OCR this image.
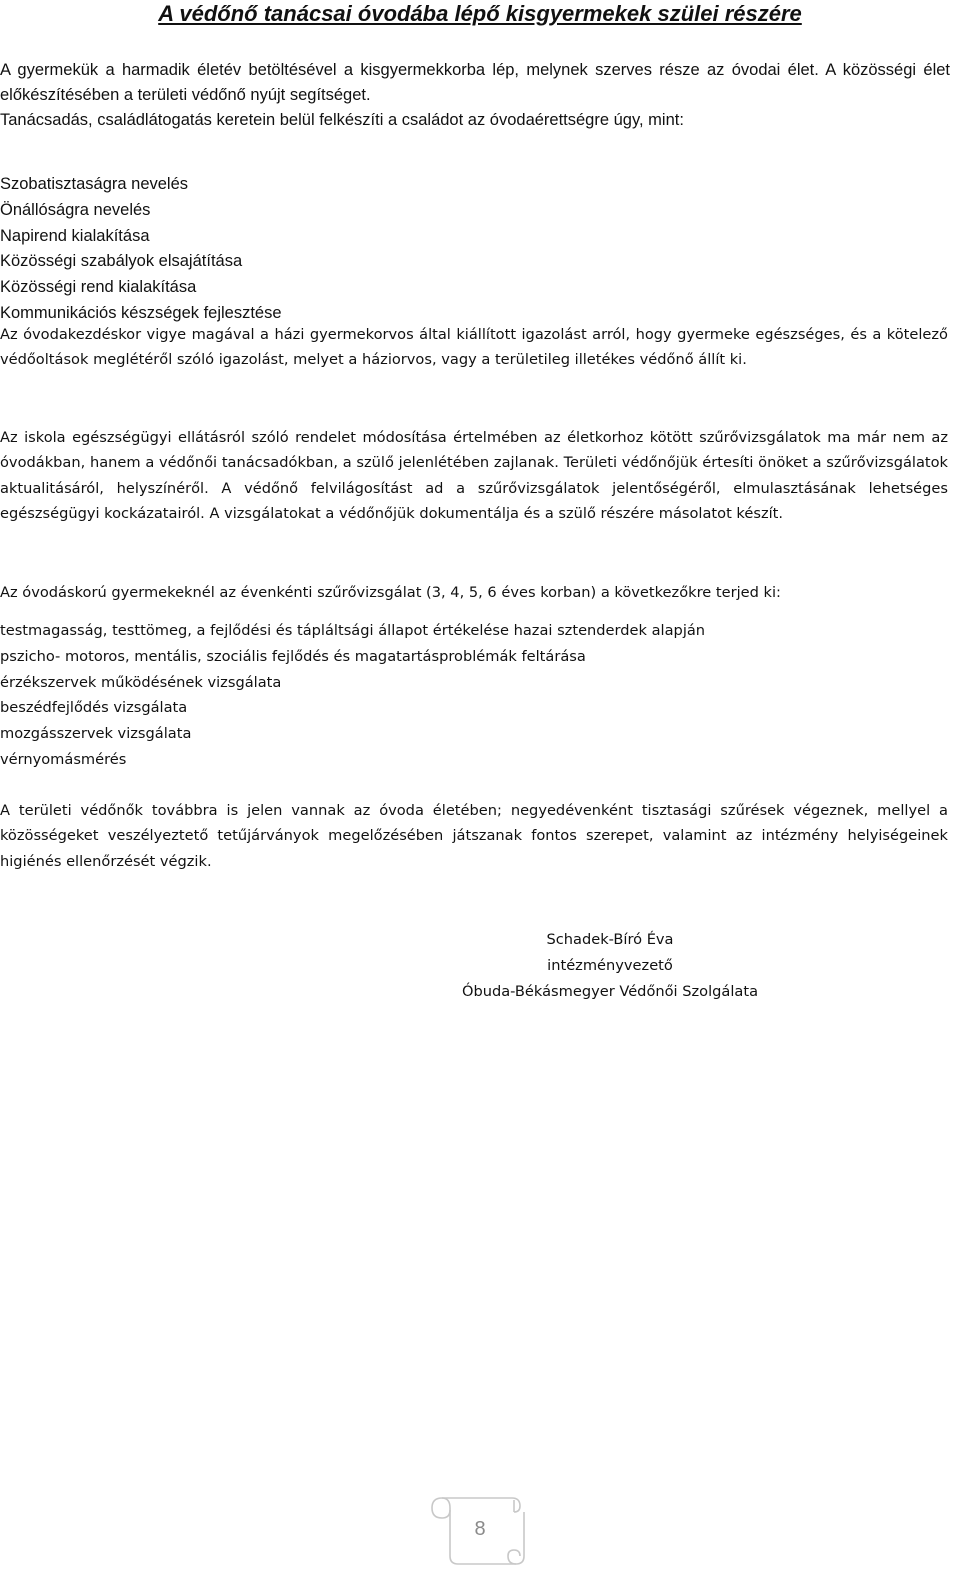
A védőnő tanácsai óvodába lépő kisgyermekek szülei részére

A gyermekük a harmadik életév betöltésével a kisgyermekkorba lép, melynek szerves része az óvodai élet. A közösségi élet előkészítésében a területi védőnő nyújt segítséget.

Tanácsadás, családlátogatás keretein belül felkészíti a családot az óvodaérettségre úgy, mint:

Szobatisztaságra nevelés
Önállóságra nevelés
Napirend kialakítása
Közösségi szabályok elsajátítása
Közösségi rend kialakítása
Kommunikációs készségek fejlesztése

Az óvodakezdéskor vigye magával a házi gyermekorvos által kiállított igazolást arról, hogy gyermeke egészséges, és a kötelező védőoltások meglétéről szóló igazolást, melyet a háziorvos, vagy a területileg illetékes védőnő állít ki.

Az iskola egészségügyi ellátásról szóló rendelet módosítása értelmében az életkorhoz kötött szűrővizsgálatok ma már nem az óvodákban, hanem a védőnői tanácsadókban, a szülő jelenlétében zajlanak. Területi védőnőjük értesíti önöket a szűrővizsgálatok aktualitásáról, helyszínéről. A védőnő felvilágosítást ad a szűrővizsgálatok jelentőségéről, elmulasztásának lehetséges egészségügyi kockázatairól. A vizsgálatokat a védőnőjük dokumentálja és a szülő részére másolatot készít.

Az óvodáskorú gyermekeknél az évenkénti szűrővizsgálat (3, 4, 5, 6 éves korban) a következőkre terjed ki:

testmagasság, testtömeg, a fejlődési és tápláltsági állapot értékelése hazai sztenderdek alapján
pszicho- motoros, mentális, szociális fejlődés és magatartásproblémák feltárása
érzékszervek működésének vizsgálata
beszédfejlődés vizsgálata
mozgásszervek vizsgálata
vérnyomásmérés

A területi védőnők továbbra is jelen vannak az óvoda életében; negyedévenként tisztasági szűrések végeznek, mellyel a közösségeket veszélyeztető tetűjárványok megelőzésében játszanak fontos szerepet, valamint az intézmény helyiségeinek higiénés ellenőrzését végzik.

Schadek-Bíró Éva
intézményvezető
Óbuda-Békásmegyer Védőnői Szolgálata
8
